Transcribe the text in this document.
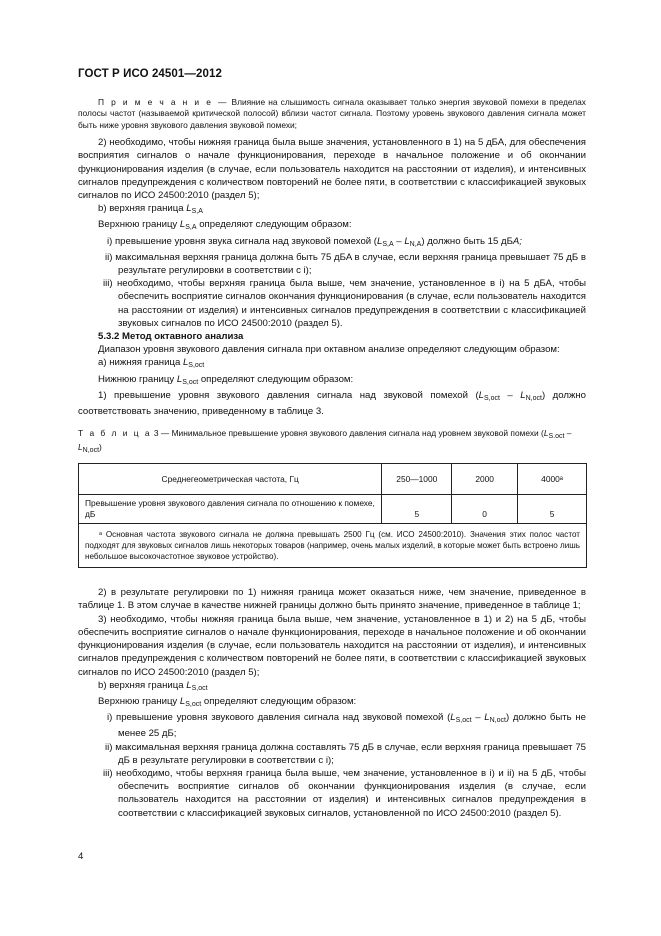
ГОСТ Р ИСО 24501—2012

П р и м е ч а н и е — Влияние на слышимость сигнала оказывает только энергия звуковой помехи в пределах полосы частот (называемой критической полосой) вблизи частот сигнала. Поэтому уровень звукового давления сигнала может быть ниже уровня звукового давления звуковой помехи;

2) необходимо, чтобы нижняя граница была выше значения, установленного в 1) на 5 дБА, для обеспечения восприятия сигналов о начале функционирования, переходе в начальное положение и об окончании функционирования изделия (в случае, если пользователь находится на расстоянии от изделия), и интенсивных сигналов предупреждения с количеством повторений не более пяти, в соответствии с классификацией звуковых сигналов по ИСО 24500:2010 (раздел 5);

b) верхняя граница $L_{S,A}$

Верхнюю границу $L_{S,A}$ определяют следующим образом:

i) превышение уровня звука сигнала над звуковой помехой $(L_{S,A} - L_{N,A})$ должно быть 15 дБA;

ii) максимальная верхняя граница должна быть 75 дБA в случае, если верхняя граница превышает 75 дБ в результате регулировки в соответствии с i);

iii) необходимо, чтобы верхняя граница была выше, чем значение, установленное в i) на 5 дБА, чтобы обеспечить восприятие сигналов окончания функционирования (в случае, если пользователь находится на расстоянии от изделия) и интенсивных сигналов предупреждения в соответствии с классификацией звуковых сигналов по ИСО 24500:2010 (раздел 5).

5.3.2 Метод октавного анализа

Диапазон уровня звукового давления сигнала при октавном анализе определяют следующим образом:

a) нижняя граница $L_{S,oct}$

Нижнюю границу $L_{S,oct}$ определяют следующим образом:

1) превышение уровня звукового давления сигнала над звуковой помехой $(L_{S,oct} - L_{N,oct})$ должно соответствовать значению, приведенному в таблице 3.

Т а б л и ц а 3 — Минимальное превышение уровня звукового давления сигнала над уровнем звуковой помехи $(L_{S.oct} - L_{N,oct})$

Среднегеометрическая частота, Гц	250—1000	2000	4000ᵃ
Превышение уровня звукового давления сигнала по отношению к помехе, дБ	5	0	5
ᵃ Основная частота звукового сигнала не должна превышать 2500 Гц (см. ИСО 24500:2010). Значения этих полос частот подходят для звуковых сигналов лишь некоторых товаров (например, очень малых изделий, в которые может быть встроено лишь небольшое высокочастотное звуковое устройство).			

2) в результате регулировки по 1) нижняя граница может оказаться ниже, чем значение, приведенное в таблице 1. В этом случае в качестве нижней границы должно быть принято значение, приведенное в таблице 1;

3) необходимо, чтобы нижняя граница была выше, чем значение, установленное в 1) и 2) на 5 дБ, чтобы обеспечить восприятие сигналов о начале функционирования, переходе в начальное положение и об окончании функционирования изделия (в случае, если пользователь находится на расстоянии от изделия), и интенсивных сигналов предупреждения с количеством повторений не более пяти, в соответствии с классификацией звуковых сигналов по ИСО 24500:2010 (раздел 5);

b) верхняя граница $L_{S,oct}$

Верхнюю границу $L_{S,oct}$ определяют следующим образом:

i) превышение уровня звукового давления сигнала над звуковой помехой $(L_{S,oct} - L_{N,oct})$ должно быть не менее 25 дБ;

ii) максимальная верхняя граница должна составлять 75 дБ в случае, если верхняя граница превышает 75 дБ в результате регулировки в соответствии с i);

iii) необходимо, чтобы верхняя граница была выше, чем значение, установленное в i) и ii) на 5 дБ, чтобы обеспечить восприятие сигналов об окончании функционирования изделия (в случае, если пользователь находится на расстоянии от изделия) и интенсивных сигналов предупреждения в соответствии с классификацией звуковых сигналов, установленной по ИСО 24500:2010 (раздел 5).

4
